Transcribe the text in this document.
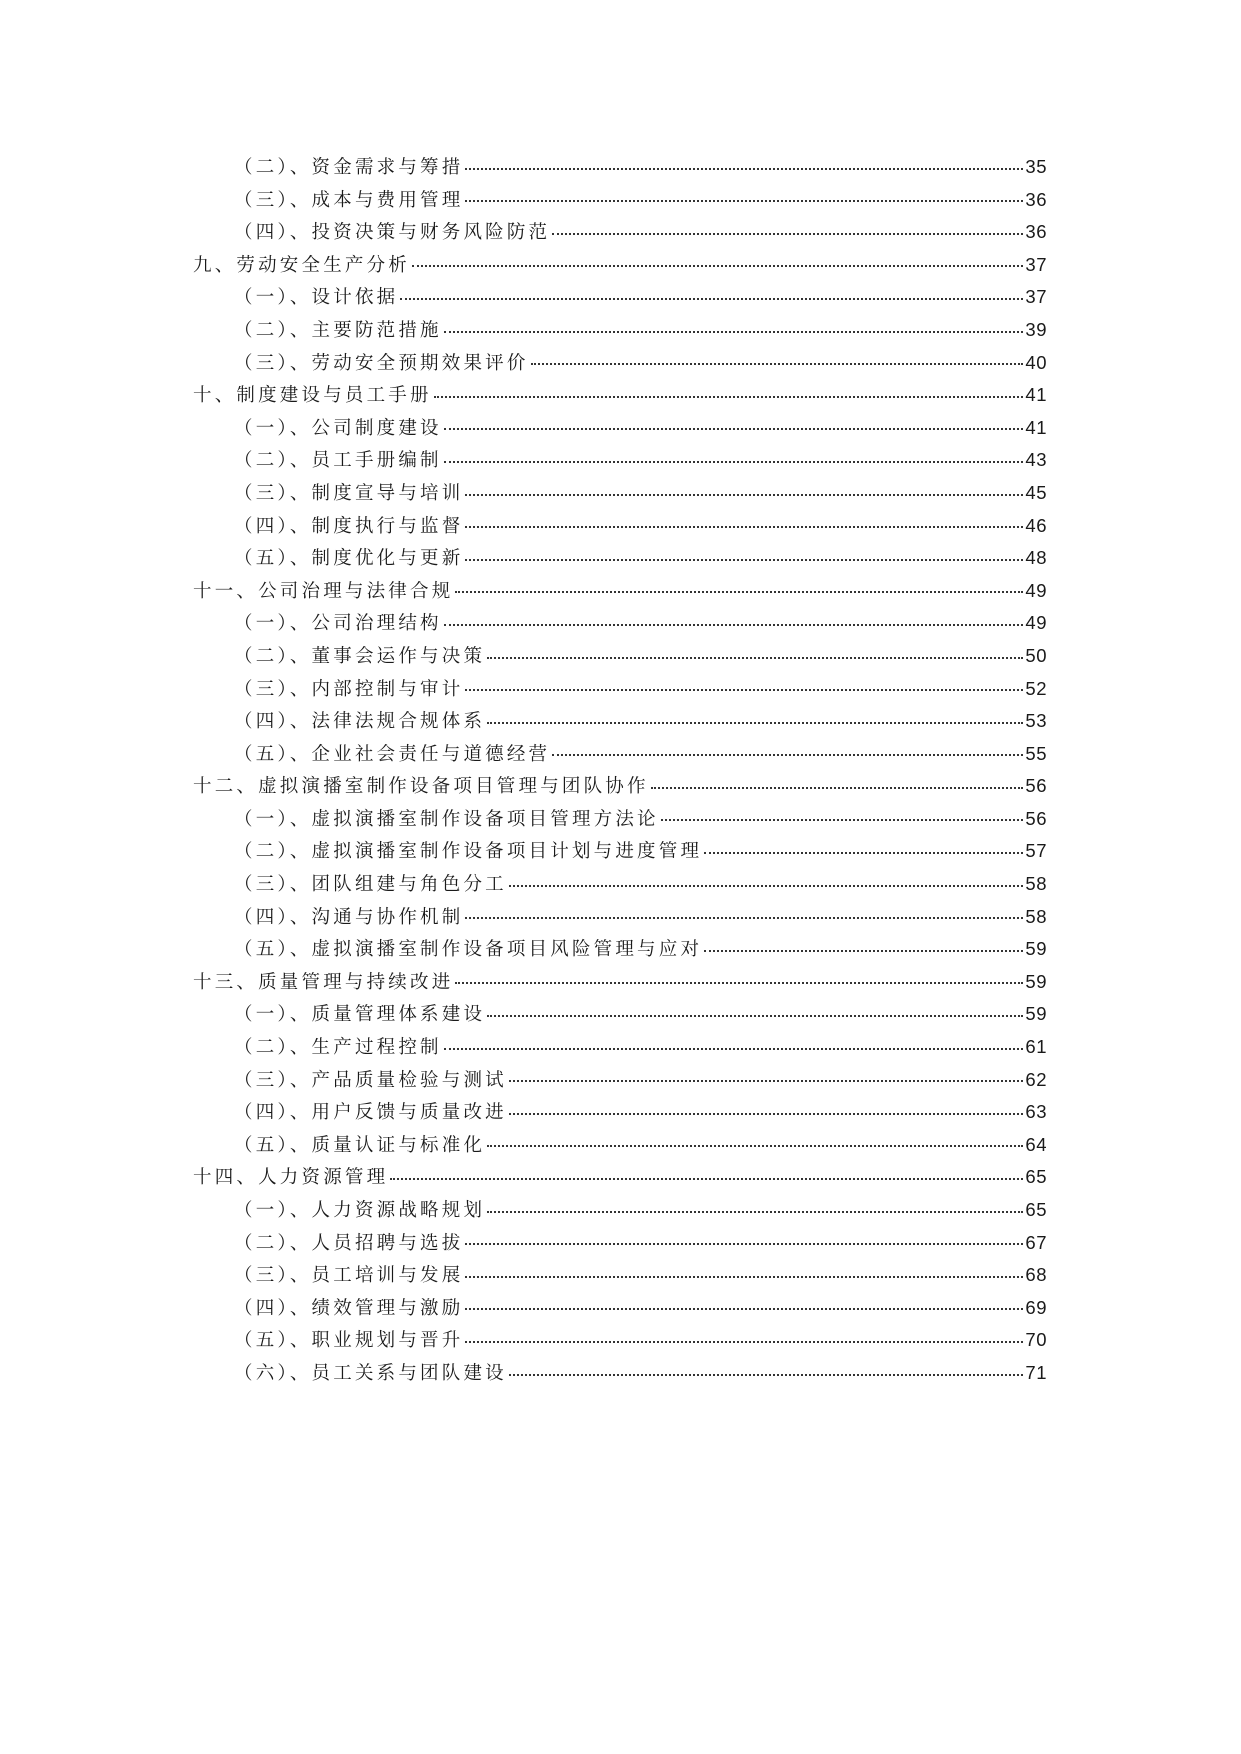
（二）、资金需求与筹措	35
（三）、成本与费用管理	36
（四）、投资决策与财务风险防范	36
九、劳动安全生产分析	37
（一）、设计依据	37
（二）、主要防范措施	39
（三）、劳动安全预期效果评价	40
十、制度建设与员工手册	41
（一）、公司制度建设	41
（二）、员工手册编制	43
（三）、制度宣导与培训	45
（四）、制度执行与监督	46
（五）、制度优化与更新	48
十一、公司治理与法律合规	49
（一）、公司治理结构	49
（二）、董事会运作与决策	50
（三）、内部控制与审计	52
（四）、法律法规合规体系	53
（五）、企业社会责任与道德经营	55
十二、虚拟演播室制作设备项目管理与团队协作	56
（一）、虚拟演播室制作设备项目管理方法论	56
（二）、虚拟演播室制作设备项目计划与进度管理	57
（三）、团队组建与角色分工	58
（四）、沟通与协作机制	58
（五）、虚拟演播室制作设备项目风险管理与应对	59
十三、质量管理与持续改进	59
（一）、质量管理体系建设	59
（二）、生产过程控制	61
（三）、产品质量检验与测试	62
（四）、用户反馈与质量改进	63
（五）、质量认证与标准化	64
十四、人力资源管理	65
（一）、人力资源战略规划	65
（二）、人员招聘与选拔	67
（三）、员工培训与发展	68
（四）、绩效管理与激励	69
（五）、职业规划与晋升	70
（六）、员工关系与团队建设	71
